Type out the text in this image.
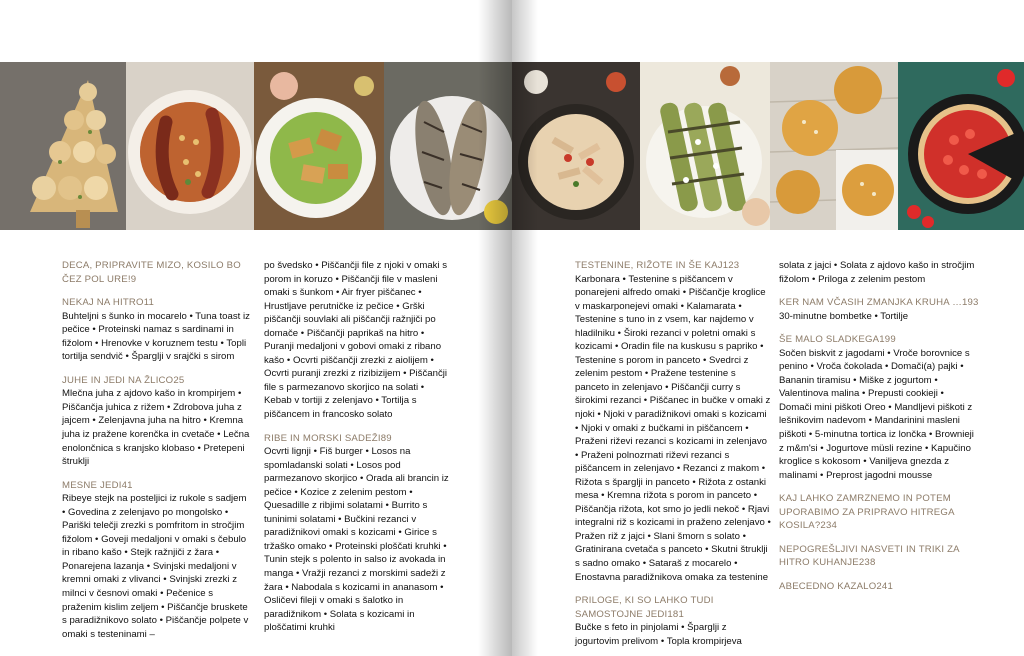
DECA, PRIPRAVITE MIZO, KOSILO BO ČEZ POL URE!9
NEKAJ NA HITRO11
Buhteljni s šunko in mocarelo • Tuna toast iz pečice • Proteinski namaz s sardinami in fižolom • Hrenovke v koruznem testu • Topli tortilja sendvič • Šparglji v srajčki s sirom
JUHE IN JEDI NA ŽLICO25
Mlečna juha z ajdovo kašo in krompirjem • Piščančja juhica z rižem • Zdrobova juha z jajcem • Zelenjavna juha na hitro • Kremna juha iz pražene korenčka in cvetače • Lečna enolončnica s kranjsko klobaso • Pretepeni štruklji
MESNE JEDI41
Ribeye stejk na posteljici iz rukole s sadjem • Govedina z zelenjavo po mongolsko • Pariški telečji zrezki s pomfritom in stročjim fižolom • Goveji medaljoni v omaki s čebulo in ribano kašo • Stejk ražnjiči z žara • Ponarejena lazanja • Svinjski medaljoni v kremni omaki z vlivanci • Svinjski zrezki z milnci v česnovi omaki • Pečenice s praženim kislim zeljem • Piščančje bruskete s paradižnikovo solato • Piščančje polpete v omaki s testeninami –
po švedsko • Piščančji file z njoki v omaki s porom in koruzo • Piščančji file v masleni omaki s šunkom • Air fryer piščanec • Hrustljave perutničke iz pečice • Grški piščančji souvlaki ali piščančji ražnjiči po domače • Piščančji paprikaš na hitro • Puranji medaljoni v gobovi omaki z ribano kašo • Ocvrti piščančji zrezki z aiolijem • Ocvrti puranji zrezki z rizibizijem • Piščančji file s parmezanovo skorjico na solati • Kebab v tortiji z zelenjavo • Tortilja s piščancem in francosko solato
RIBE IN MORSKI SADEŽI89
Ocvrti lignji • Fiš burger • Losos na spomladanski solati • Losos pod parmezanovo skorjico • Orada ali brancin iz pečice • Kozice z zelenim pestom • Quesadille z ribjimi solatami • Burrito s tuninimi solatami • Bučkini rezanci v paradižnikovi omaki s kozicami • Girice s tržaško omako • Proteinski ploščati kruhki • Tunin stejk s polento in salso iz avokada in manga • Vražji rezanci z morskimi sadeži z žara • Nabodala s kozicami in ananasom • Osličevi fileji v omaki s šalotko in paradižnikom • Solata s kozicami in ploščatimi kruhki
TESTENINE, RIŽOTE IN ŠE KAJ123
Karbonara • Testenine s piščancem v ponarejeni alfredo omaki • Piščančje kroglice v maskarponejevi omaki • Kalamarata • Testenine s tuno in z vsem, kar najdemo v hladilniku • Široki rezanci v poletni omaki s kozicami • Oradin file na kuskusu s papriko • Testenine s porom in panceto • Svedrci z zelenim pestom • Pražene testenine s panceto in zelenjavo • Piščančji curry s širokimi rezanci • Piščanec in bučke v omaki z njoki • Njoki v paradižnikovi omaki s kozicami • Njoki v omaki z bučkami in piščancem • Praženi riževi rezanci s kozicami in zelenjavo • Praženi polnozrnati riževi rezanci s piščancem in zelenjavo • Rezanci z makom • Rižota s šparglji in panceto • Rižota z ostanki mesa • Kremna rižota s porom in panceto • Piščančja rižota, kot smo jo jedli nekoč • Rjavi integralni riž s kozicami in praženo zelenjavo • Pražen riž z jajci • Slani šmorn s solato • Gratinirana cvetača s panceto • Skutni štruklji s sadno omako • Sataraš z mocarelo • Enostavna paradižnikova omaka za testenine
PRILOGE, KI SO LAHKO TUDI SAMOSTOJNE JEDI181
Bučke s feto in pinjolami • Šparglji z jogurtovim prelivom • Topla krompirjeva
solata z jajci • Solata z ajdovo kašo in stročjim fižolom • Priloga z zelenim pestom
KER NAM VČASIH ZMANJKA KRUHA …193
30-minutne bombetke • Tortilje
ŠE MALO SLADKEGA199
Sočen biskvit z jagodami • Vroče borovnice s penino • Vroča čokolada • Domači(a) pajki • Bananin tiramisu • Miške z jogurtom • Valentinova malina • Prepusti cookieji • Domači mini piškoti Oreo • Mandljevi piškoti z lešnikovim nadevom • Mandarinini masleni piškoti • 5-minutna tortica iz lončka • Brownieji z m&m'si • Jogurtove müsli rezine • Kapučino kroglice s kokosom • Vaniljeva gnezda z malinami • Preprost jagodni mousse
KAJ LAHKO ZAMRZNEMO IN POTEM UPORABIMO ZA PRIPRAVO HITREGA KOSILA?234
NEPOGREŠLJIVI NASVETI IN TRIKI ZA HITRO KUHANJE238
ABECEDNO KAZALO241
